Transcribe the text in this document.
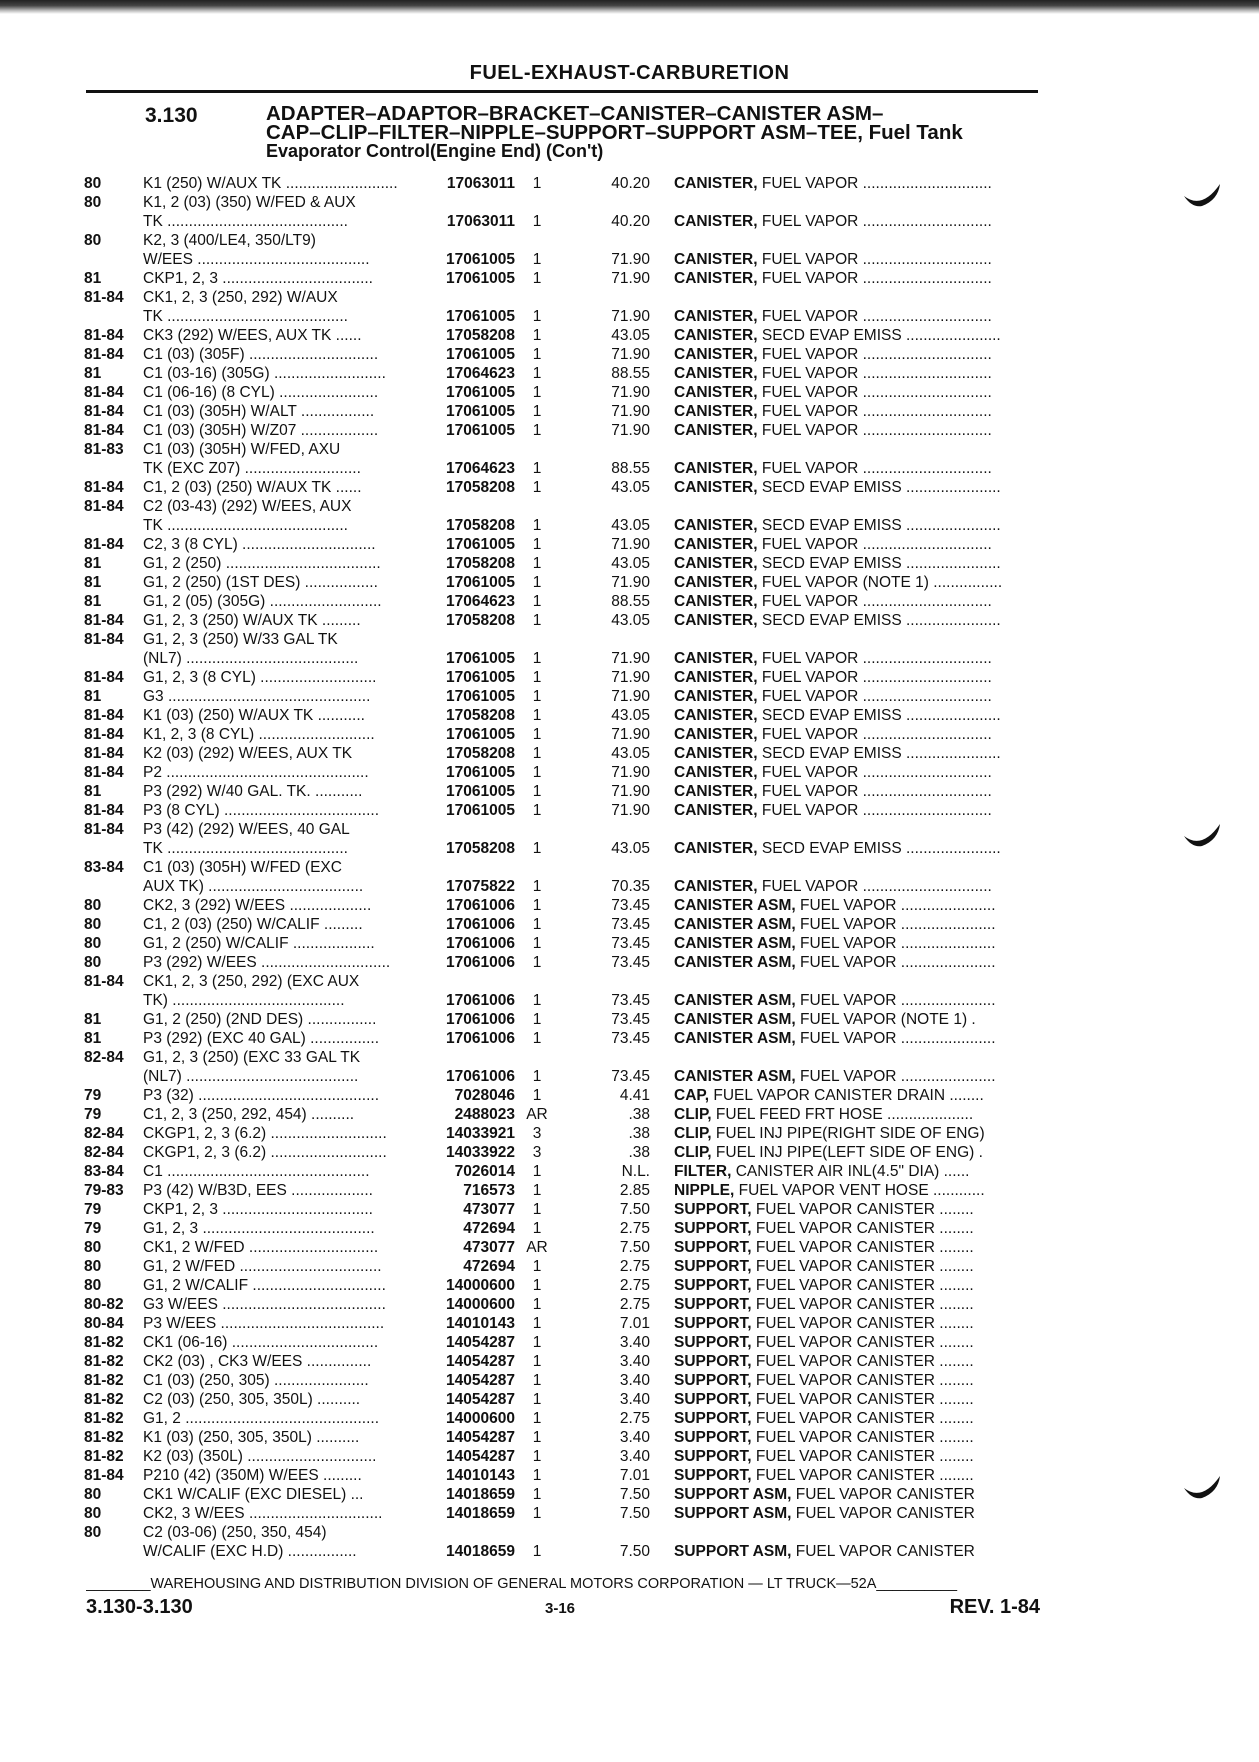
FUEL-EXHAUST-CARBURETION
3.130	ADAPTER–ADAPTOR–BRACKET–CANISTER–CANISTER ASM–
CAP–CLIP–FILTER–NIPPLE–SUPPORT–SUPPORT ASM–TEE, Fuel Tank
Evaporator Control(Engine End) (Con't)
80	K1 (250) W/AUX TK ..........................	17063011	1	40.20 CANISTER, FUEL VAPOR ..............................
80	K1, 2 (03) (350) W/FED & AUX
TK ..........................................	17063011	1	40.20 CANISTER, FUEL VAPOR ..............................
80	K2, 3 (400/LE4, 350/LT9)
W/EES ........................................	17061005	1	71.90 CANISTER, FUEL VAPOR ..............................
81	CKP1, 2, 3 ...................................	17061005	1	71.90 CANISTER, FUEL VAPOR ..............................
81-84 CK1, 2, 3 (250, 292) W/AUX
TK ..........................................	17061005	1	71.90 CANISTER, FUEL VAPOR ..............................
81-84 CK3 (292) W/EES, AUX TK ......	17058208	1	43.05 CANISTER, SECD EVAP EMISS ......................
81-84 C1 (03) (305F) ..............................	17061005	1	71.90 CANISTER, FUEL VAPOR ..............................
81	C1 (03-16) (305G) ..........................	17064623	1	88.55 CANISTER, FUEL VAPOR ..............................
81-84 C1 (06-16) (8 CYL) .......................	17061005	1	71.90 CANISTER, FUEL VAPOR ..............................
81-84 C1 (03) (305H) W/ALT .................	17061005	1	71.90 CANISTER, FUEL VAPOR ..............................
81-84 C1 (03) (305H) W/Z07 ..................	17061005	1	71.90 CANISTER, FUEL VAPOR ..............................
81-83 C1 (03) (305H) W/FED, AXU
TK (EXC Z07) ...........................	17064623	1	88.55 CANISTER, FUEL VAPOR ..............................
81-84 C1, 2 (03) (250) W/AUX TK ......	17058208	1	43.05 CANISTER, SECD EVAP EMISS ......................
81-84 C2 (03-43) (292) W/EES, AUX
TK ..........................................	17058208	1	43.05 CANISTER, SECD EVAP EMISS ......................
81-84 C2, 3 (8 CYL) ...............................	17061005	1	71.90 CANISTER, FUEL VAPOR ..............................
81	G1, 2 (250) ....................................	17058208	1	43.05 CANISTER, SECD EVAP EMISS ......................
81	G1, 2 (250) (1ST DES) .................	17061005	1	71.90 CANISTER, FUEL VAPOR (NOTE 1) ................
81	G1, 2 (05) (305G) ..........................	17064623	1	88.55 CANISTER, FUEL VAPOR ..............................
81-84 G1, 2, 3 (250) W/AUX TK .........	17058208	1	43.05 CANISTER, SECD EVAP EMISS ......................
81-84 G1, 2, 3 (250) W/33 GAL TK
(NL7) ........................................	17061005	1	71.90 CANISTER, FUEL VAPOR ..............................
81-84 G1, 2, 3 (8 CYL) ...........................	17061005	1	71.90 CANISTER, FUEL VAPOR ..............................
81	G3 ...............................................	17061005	1	71.90 CANISTER, FUEL VAPOR ..............................
81-84 K1 (03) (250) W/AUX TK ...........	17058208	1	43.05 CANISTER, SECD EVAP EMISS ......................
81-84 K1, 2, 3 (8 CYL) ...........................	17061005	1	71.90 CANISTER, FUEL VAPOR ..............................
81-84 K2 (03) (292) W/EES, AUX TK	17058208	1	43.05 CANISTER, SECD EVAP EMISS ......................
81-84 P2 ...............................................	17061005	1	71.90 CANISTER, FUEL VAPOR ..............................
81	P3 (292) W/40 GAL. TK. ...........	17061005	1	71.90 CANISTER, FUEL VAPOR ..............................
81-84 P3 (8 CYL) ....................................	17061005	1	71.90 CANISTER, FUEL VAPOR ..............................
81-84 P3 (42) (292) W/EES, 40 GAL
TK ..........................................	17058208	1	43.05 CANISTER, SECD EVAP EMISS ......................
83-84 C1 (03) (305H) W/FED (EXC
AUX TK) ....................................	17075822	1	70.35 CANISTER, FUEL VAPOR ..............................
80	CK2, 3 (292) W/EES ...................	17061006	1	73.45 CANISTER ASM, FUEL VAPOR ......................
80	C1, 2 (03) (250) W/CALIF .........	17061006	1	73.45 CANISTER ASM, FUEL VAPOR ......................
80	G1, 2 (250) W/CALIF ...................	17061006	1	73.45 CANISTER ASM, FUEL VAPOR ......................
80	P3 (292) W/EES ..............................	17061006	1	73.45 CANISTER ASM, FUEL VAPOR ......................
81-84 CK1, 2, 3 (250, 292) (EXC AUX
TK) ........................................	17061006	1	73.45 CANISTER ASM, FUEL VAPOR ......................
81	G1, 2 (250) (2ND DES) ................	17061006	1	73.45 CANISTER ASM, FUEL VAPOR (NOTE 1) .
81	P3 (292) (EXC 40 GAL) ................	17061006	1	73.45 CANISTER ASM, FUEL VAPOR ......................
82-84 G1, 2, 3 (250) (EXC 33 GAL TK
(NL7) ........................................	17061006	1	73.45 CANISTER ASM, FUEL VAPOR ......................
79	P3 (32) ..........................................	7028046	1	4.41 CAP, FUEL VAPOR CANISTER DRAIN ........
79	C1, 2, 3 (250, 292, 454) ..........	2488023 AR	.38 CLIP, FUEL FEED FRT HOSE ....................
82-84 CKGP1, 2, 3 (6.2) ...........................	14033921	3	.38 CLIP, FUEL INJ PIPE(RIGHT SIDE OF ENG)
82-84 CKGP1, 2, 3 (6.2) ...........................	14033922	3	.38 CLIP, FUEL INJ PIPE(LEFT SIDE OF ENG) .
83-84 C1 ...............................................	7026014	1	N.L. FILTER, CANISTER AIR INL(4.5" DIA) ......
79-83 P3 (42) W/B3D, EES ...................	716573	1	2.85 NIPPLE, FUEL VAPOR VENT HOSE ............
79	CKP1, 2, 3 ...................................	473077	1	7.50 SUPPORT, FUEL VAPOR CANISTER ........
79	G1, 2, 3 ........................................	472694	1	2.75 SUPPORT, FUEL VAPOR CANISTER ........
80	CK1, 2 W/FED ..............................	473077 AR	7.50 SUPPORT, FUEL VAPOR CANISTER ........
80	G1, 2 W/FED .................................	472694	1	2.75 SUPPORT, FUEL VAPOR CANISTER ........
80	G1, 2 W/CALIF ...............................	14000600	1	2.75 SUPPORT, FUEL VAPOR CANISTER ........
80-82 G3 W/EES ......................................	14000600	1	2.75 SUPPORT, FUEL VAPOR CANISTER ........
80-84 P3 W/EES ......................................	14010143	1	7.01 SUPPORT, FUEL VAPOR CANISTER ........
81-82 CK1 (06-16) ..................................	14054287	1	3.40 SUPPORT, FUEL VAPOR CANISTER ........
81-82 CK2 (03) , CK3 W/EES ...............	14054287	1	3.40 SUPPORT, FUEL VAPOR CANISTER ........
81-82 C1 (03) (250, 305) ......................	14054287	1	3.40 SUPPORT, FUEL VAPOR CANISTER ........
81-82 C2 (03) (250, 305, 350L) ..........	14054287	1	3.40 SUPPORT, FUEL VAPOR CANISTER ........
81-82 G1, 2 .............................................	14000600	1	2.75 SUPPORT, FUEL VAPOR CANISTER ........
81-82 K1 (03) (250, 305, 350L) ..........	14054287	1	3.40 SUPPORT, FUEL VAPOR CANISTER ........
81-82 K2 (03) (350L) ..............................	14054287	1	3.40 SUPPORT, FUEL VAPOR CANISTER ........
81-84 P210 (42) (350M) W/EES .........	14010143	1	7.01 SUPPORT, FUEL VAPOR CANISTER ........
80	CK1 W/CALIF (EXC DIESEL) ...	14018659	1	7.50 SUPPORT ASM, FUEL VAPOR CANISTER
80	CK2, 3 W/EES ...............................	14018659	1	7.50 SUPPORT ASM, FUEL VAPOR CANISTER
80	C2 (03-06) (250, 350, 454)
W/CALIF (EXC H.D) ................	14018659	1	7.50 SUPPORT ASM, FUEL VAPOR CANISTER
________WAREHOUSING AND DISTRIBUTION DIVISION OF GENERAL MOTORS CORPORATION — LT TRUCK—52A__________
3.130-3.130	3-16	REV. 1-84
